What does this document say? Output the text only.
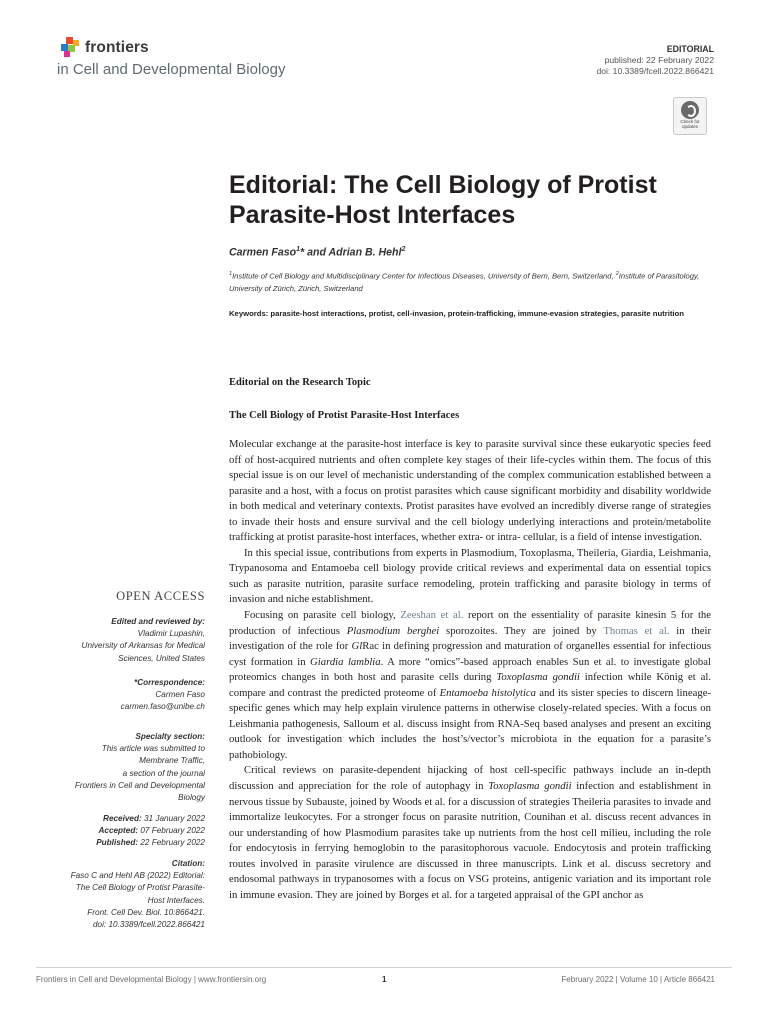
frontiers
in Cell and Developmental Biology
EDITORIAL
published: 22 February 2022
doi: 10.3389/fcell.2022.866421
Check for updates
Editorial: The Cell Biology of Protist
Parasite-Host Interfaces
Carmen Faso$^1$* and Adrian B. Hehl$^2$
$^1$Institute of Cell Biology and Multidisciplinary Center for Infectious Diseases, University of Bern, Bern, Switzerland, $^2$Institute of Parasitology, University of Zürich, Zürich, Switzerland
Keywords: parasite-host interactions, protist, cell-invasion, protein-trafficking, immune-evasion strategies, parasite nutrition
Editorial on the Research Topic
The Cell Biology of Protist Parasite-Host Interfaces

Molecular exchange at the parasite-host interface is key to parasite survival since these eukaryotic species feed off of host-acquired nutrients and often complete key stages of their life-cycles within them. The focus of this special issue is on our level of mechanistic understanding of the complex communication established between a parasite and a host, with a focus on protist parasites which cause significant morbidity and disability worldwide in both medical and veterinary contexts. Protist parasites have evolved an incredibly diverse range of strategies to invade their hosts and ensure survival and the cell biology underlying interactions and protein/metabolite trafficking at protist parasite-host interfaces, whether extra- or intra- cellular, is a field of intense investigation.

In this special issue, contributions from experts in Plasmodium, Toxoplasma, Theileria, Giardia, Leishmania, Trypanosoma and Entamoeba cell biology provide critical reviews and experimental data on essential topics such as parasite nutrition, parasite surface remodeling, protein trafficking and parasite biology in terms of invasion and niche establishment.

Focusing on parasite cell biology, Zeeshan et al. report on the essentiality of parasite kinesin 5 for the production of infectious Plasmodium berghei sporozoites. They are joined by Thomas et al. in their investigation of the role for GlRac in defining progression and maturation of organelles essential for infectious cyst formation in Giardia lamblia. A more “omics”-based approach enables Sun et al. to investigate global proteomics changes in both host and parasite cells during Toxoplasma gondii infection while König et al. compare and contrast the predicted proteome of Entamoeba histolytica and its sister species to discern lineage-specific genes which may help explain virulence patterns in otherwise closely-related species. With a focus on Leishmania pathogenesis, Salloum et al. discuss insight from RNA-Seq based analyses and present an exciting outlook for investigation which includes the host’s/vector’s microbiota in the equation for a parasite’s pathobiology.

Critical reviews on parasite-dependent hijacking of host cell-specific pathways include an in-depth discussion and appreciation for the role of autophagy in Toxoplasma gondii infection and establishment in nervous tissue by Subauste, joined by Woods et al. for a discussion of strategies Theileria parasites to invade and immortalize leukocytes. For a stronger focus on parasite nutrition, Counihan et al. discuss recent advances in our understanding of how Plasmodium parasites take up nutrients from the host cell milieu, including the role for endocytosis in ferrying hemoglobin to the parasitophorous vacuole. Endocytosis and protein trafficking routes involved in parasite virulence are discussed in three manuscripts. Link et al. discuss secretory and endosomal pathways in trypanosomes with a focus on VSG proteins, antigenic variation and its important role in immune evasion. They are joined by Borges et al. for a targeted appraisal of the GPI anchor as

OPEN ACCESS
Edited and reviewed by:
Vladimir Lupashin,
University of Arkansas for Medical
Sciences, United States
*Correspondence:
Carmen Faso
carmen.faso@unibe.ch
Specialty section:
This article was submitted to
Membrane Traffic,
a section of the journal
Frontiers in Cell and Developmental
Biology
Received: 31 January 2022
Accepted: 07 February 2022
Published: 22 February 2022
Citation:
Faso C and Hehl AB (2022) Editorial:
The Cell Biology of Protist Parasite-
Host Interfaces.
Front. Cell Dev. Biol. 10:866421.
doi: 10.3389/fcell.2022.866421
Frontiers in Cell and Developmental Biology | www.frontiersin.org	1	February 2022 | Volume 10 | Article 866421
